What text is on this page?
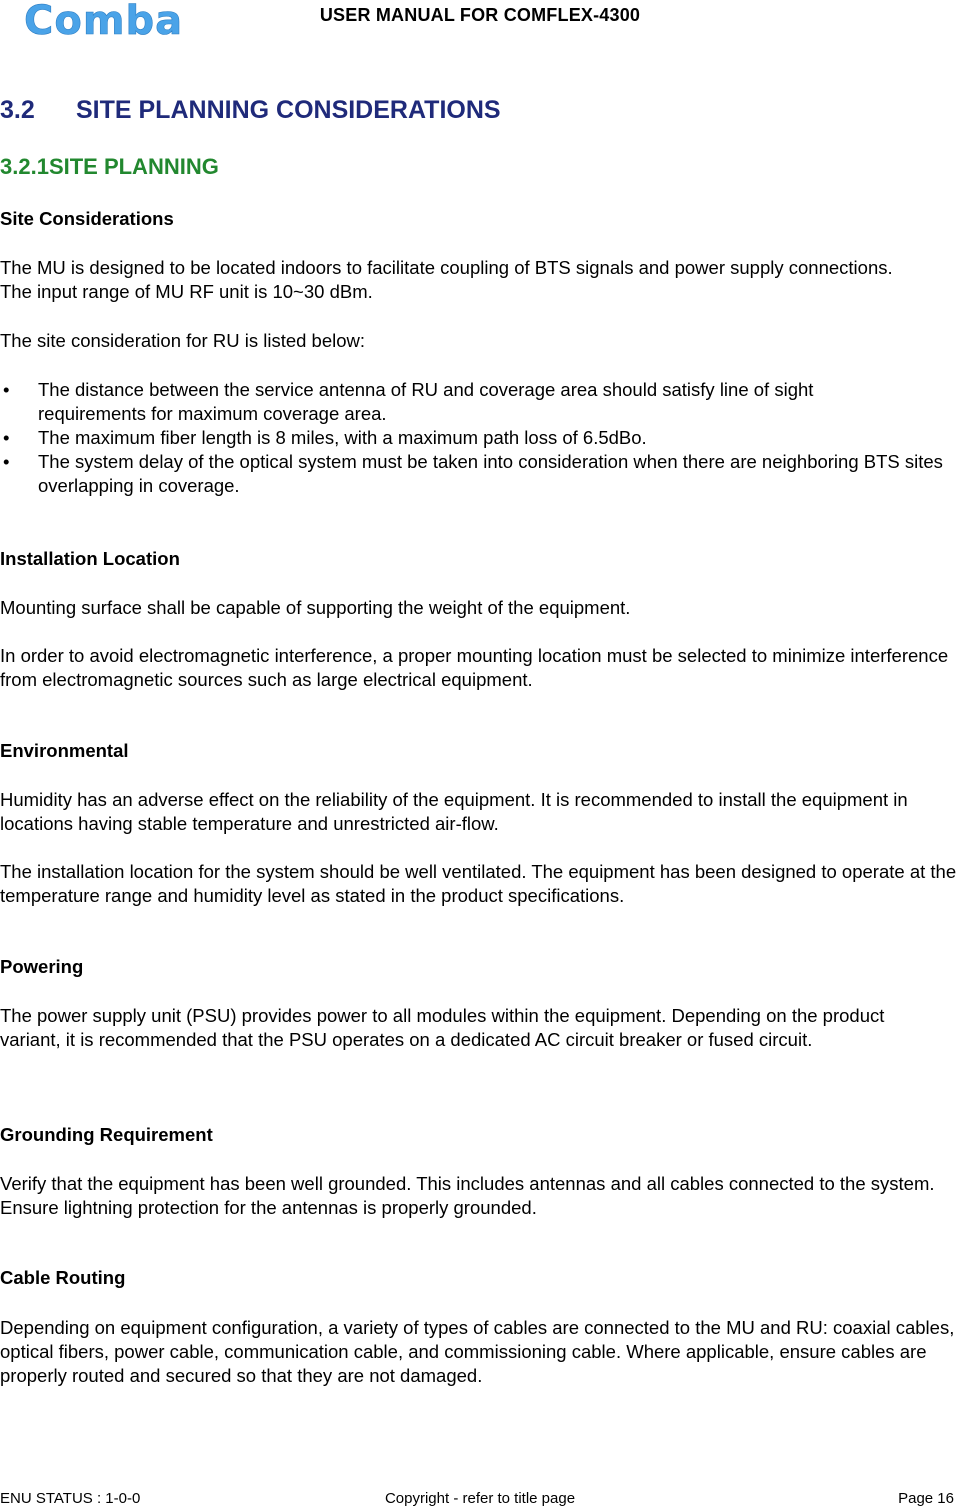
Comba	USER MANUAL FOR COMFLEX-4300
3.2 SITE PLANNING CONSIDERATIONS
3.2.1SITE PLANNING
Site Considerations

The MU is designed to be located indoors to facilitate coupling of BTS signals and power supply connections. The input range of MU RF unit is 10~30 dBm.

The site consideration for RU is listed below:

• The distance between the service antenna of RU and coverage area should satisfy line of sight requirements for maximum coverage area.
• The maximum fiber length is 8 miles, with a maximum path loss of 6.5dBo.
• The system delay of the optical system must be taken into consideration when there are neighboring BTS sites overlapping in coverage.
Installation Location

Mounting surface shall be capable of supporting the weight of the equipment.

In order to avoid electromagnetic interference, a proper mounting location must be selected to minimize interference from electromagnetic sources such as large electrical equipment.

Environmental

Humidity has an adverse effect on the reliability of the equipment. It is recommended to install the equipment in locations having stable temperature and unrestricted air-flow.

The installation location for the system should be well ventilated. The equipment has been designed to operate at the temperature range and humidity level as stated in the product specifications.

Powering

The power supply unit (PSU) provides power to all modules within the equipment. Depending on the product variant, it is recommended that the PSU operates on a dedicated AC circuit breaker or fused circuit.

Grounding Requirement

Verify that the equipment has been well grounded. This includes antennas and all cables connected to the system. Ensure lightning protection for the antennas is properly grounded.

Cable Routing

Depending on equipment configuration, a variety of types of cables are connected to the MU and RU: coaxial cables, optical fibers, power cable, communication cable, and commissioning cable. Where applicable, ensure cables are properly routed and secured so that they are not damaged.

ENU STATUS : 1-0-0	Copyright - refer to title page	Page 16
